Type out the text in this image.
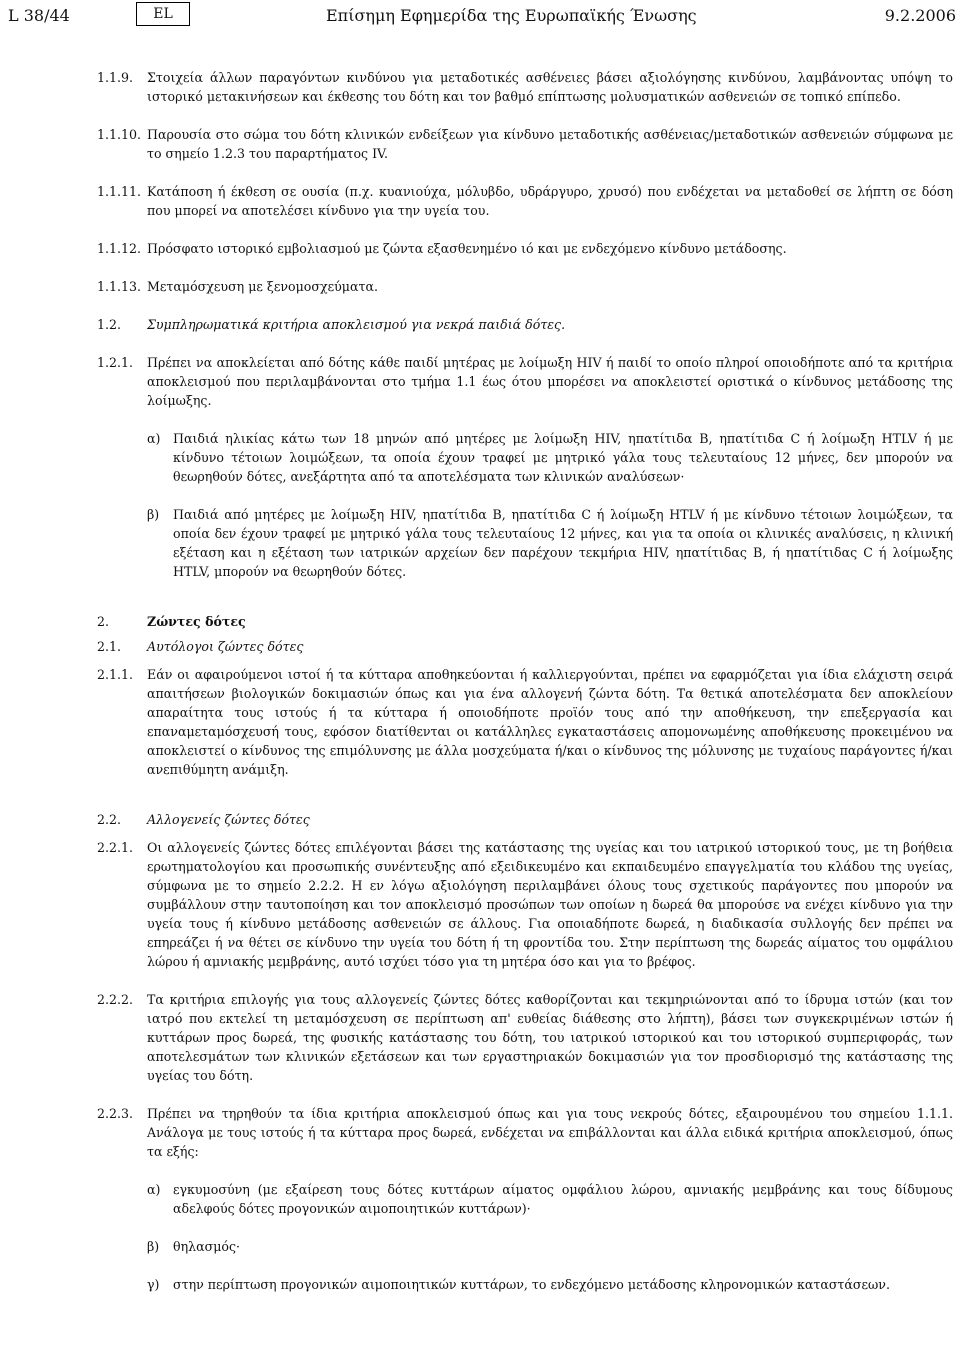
L 38/44	EL	Επίσημη Εφημερίδα της Ευρωπαϊκής Ένωσης	9.2.2006
1.1.9.	Στοιχεία άλλων παραγόντων κινδύνου για μεταδοτικές ασθένειες βάσει αξιολόγησης κινδύνου, λαμβάνοντας υπόψη το ιστορικό μετακινήσεων και έκθεσης του δότη και τον βαθμό επίπτωσης μολυσματικών ασθενειών σε τοπικό επίπεδο.
1.1.10. Παρουσία στο σώμα του δότη κλινικών ενδείξεων για κίνδυνο μεταδοτικής ασθένειας/μεταδοτικών ασθενειών σύμφωνα με το σημείο 1.2.3 του παραρτήματος IV.
1.1.11. Κατάποση ή έκθεση σε ουσία (π.χ. κυανιούχα, μόλυβδο, υδράργυρο, χρυσό) που ενδέχεται να μεταδοθεί σε λήπτη σε δόση που μπορεί να αποτελέσει κίνδυνο για την υγεία του.
1.1.12. Πρόσφατο ιστορικό εμβολιασμού με ζώντα εξασθενημένο ιό και με ενδεχόμενο κίνδυνο μετάδοσης.
1.1.13. Μεταμόσχευση με ξενομοσχεύματα.
1.2.	Συμπληρωματικά κριτήρια αποκλεισμού για νεκρά παιδιά δότες.
1.2.1.	Πρέπει να αποκλείεται από δότης κάθε παιδί μητέρας με λοίμωξη HIV ή παιδί το οποίο πληροί οποιοδήποτε από τα κριτήρια αποκλεισμού που περιλαμβάνονται στο τμήμα 1.1 έως ότου μπορέσει να αποκλειστεί οριστικά ο κίνδυνος μετάδοσης της λοίμωξης.
α) Παιδιά ηλικίας κάτω των 18 μηνών από μητέρες με λοίμωξη HIV, ηπατίτιδα B, ηπατίτιδα C ή λοίμωξη HTLV ή με κίνδυνο τέτοιων λοιμώξεων, τα οποία έχουν τραφεί με μητρικό γάλα τους τελευταίους 12 μήνες, δεν μπορούν να θεωρηθούν δότες, ανεξάρτητα από τα αποτελέσματα των κλινικών αναλύσεων·
β)	Παιδιά από μητέρες με λοίμωξη HIV, ηπατίτιδα B, ηπατίτιδα C ή λοίμωξη HTLV ή με κίνδυνο τέτοιων λοιμώξεων, τα οποία δεν έχουν τραφεί με μητρικό γάλα τους τελευταίους 12 μήνες, και για τα οποία οι κλινικές αναλύσεις, η κλινική εξέταση και η εξέταση των ιατρικών αρχείων δεν παρέχουν τεκμήρια HIV, ηπατίτιδας B, ή ηπατίτιδας C ή λοίμωξης HTLV, μπορούν να θεωρηθούν δότες.
2.	Ζώντες δότες
2.1.	Αυτόλογοι ζώντες δότες
2.1.1.	Εάν οι αφαιρούμενοι ιστοί ή τα κύτταρα αποθηκεύονται ή καλλιεργούνται, πρέπει να εφαρμόζεται για ίδια ελάχιστη σειρά απαιτήσεων βιολογικών δοκιμασιών όπως και για ένα αλλογενή ζώντα δότη. Τα θετικά αποτελέσματα δεν αποκλείουν απαραίτητα τους ιστούς ή τα κύτταρα ή οποιοδήποτε προϊόν τους από την αποθήκευση, την επεξεργασία και επαναμεταμόσχευσή τους, εφόσον διατίθενται οι κατάλληλες εγκαταστάσεις απομονωμένης αποθήκευσης προκειμένου να αποκλειστεί ο κίνδυνος της επιμόλυνσης με άλλα μοσχεύματα ή/και ο κίνδυνος της μόλυνσης με τυχαίους παράγοντες ή/και ανεπιθύμητη ανάμιξη.
2.2.	Αλλογενείς ζώντες δότες
2.2.1.	Οι αλλογενείς ζώντες δότες επιλέγονται βάσει της κατάστασης της υγείας και του ιατρικού ιστορικού τους, με τη βοήθεια ερωτηματολογίου και προσωπικής συνέντευξης από εξειδικευμένο και εκπαιδευμένο επαγγελματία του κλάδου της υγείας, σύμφωνα με το σημείο 2.2.2. Η εν λόγω αξιολόγηση περιλαμβάνει όλους τους σχετικούς παράγοντες που μπορούν να συμβάλλουν στην ταυτοποίηση και τον αποκλεισμό προσώπων των οποίων η δωρεά θα μπορούσε να ενέχει κίνδυνο για την υγεία τους ή κίνδυνο μετάδοσης ασθενειών σε άλλους. Για οποιαδήποτε δωρεά, η διαδικασία συλλογής δεν πρέπει να επηρεάζει ή να θέτει σε κίνδυνο την υγεία του δότη ή τη φροντίδα του. Στην περίπτωση της δωρεάς αίματος του ομφάλιου λώρου ή αμνιακής μεμβράνης, αυτό ισχύει τόσο για τη μητέρα όσο και για το βρέφος.
2.2.2.	Τα κριτήρια επιλογής για τους αλλογενείς ζώντες δότες καθορίζονται και τεκμηριώνονται από το ίδρυμα ιστών (και τον ιατρό που εκτελεί τη μεταμόσχευση σε περίπτωση απ' ευθείας διάθεσης στο λήπτη), βάσει των συγκεκριμένων ιστών ή κυττάρων προς δωρεά, της φυσικής κατάστασης του δότη, του ιατρικού ιστορικού και του ιστορικού συμπεριφοράς, των αποτελεσμάτων των κλινικών εξετάσεων και των εργαστηριακών δοκιμασιών για τον προσδιορισμό της κατάστασης της υγείας του δότη.
2.2.3.	Πρέπει να τηρηθούν τα ίδια κριτήρια αποκλεισμού όπως και για τους νεκρούς δότες, εξαιρουμένου του σημείου 1.1.1. Ανάλογα με τους ιστούς ή τα κύτταρα προς δωρεά, ενδέχεται να επιβάλλονται και άλλα ειδικά κριτήρια αποκλεισμού, όπως τα εξής:
α) εγκυμοσύνη (με εξαίρεση τους δότες κυττάρων αίματος ομφάλιου λώρου, αμνιακής μεμβράνης και τους δίδυμους αδελφούς δότες προγονικών αιμοποιητικών κυττάρων)·
β)	θηλασμός·
γ)	στην περίπτωση προγονικών αιμοποιητικών κυττάρων, το ενδεχόμενο μετάδοσης κληρονομικών καταστάσεων.
